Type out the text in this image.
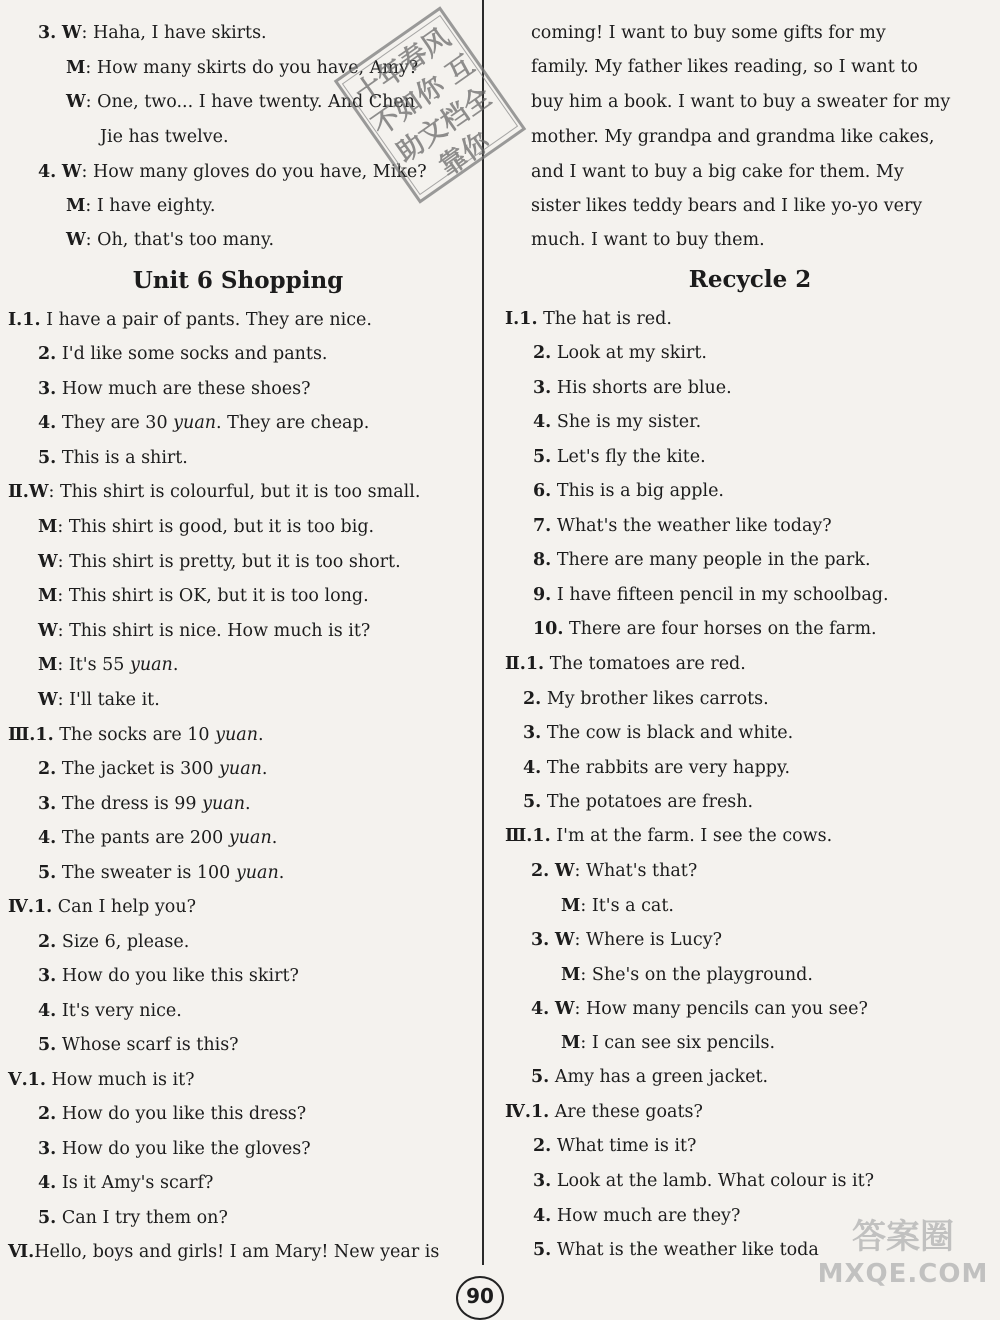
Unit 6 Shopping
3. W: Haha, I have skirts.
M: How many skirts do you have, Amy?
W: One, two... I have twenty. And Chen
Jie has twelve.
4. W: How many gloves do you have, Mike?
M: I have eighty.
W: Oh, that's too many.
Ⅰ.1. I have a pair of pants. They are nice.
2. I'd like some socks and pants.
3. How much are these shoes?
4. They are 30 yuan. They are cheap.
5. This is a shirt.
Ⅱ.W: This shirt is colourful, but it is too small.
M: This shirt is good, but it is too big.
W: This shirt is pretty, but it is too short.
M: This shirt is OK, but it is too long.
W: This shirt is nice. How much is it?
M: It's 55 yuan.
W: I'll take it.
Ⅲ.1. The socks are 10 yuan.
2. The jacket is 300 yuan.
3. The dress is 99 yuan.
4. The pants are 200 yuan.
5. The sweater is 100 yuan.
Ⅳ.1. Can I help you?
2. Size 6, please.
3. How do you like this skirt?
4. It's very nice.
5. Whose scarf is this?
Ⅴ.1. How much is it?
2. How do you like this dress?
3. How do you like the gloves?
4. Is it Amy's scarf?
5. Can I try them on?
Ⅵ.Hello, boys and girls! I am Mary! New year is
Recycle 2
coming! I want to buy some gifts for my
family. My father likes reading, so I want to
buy him a book. I want to buy a sweater for my
mother. My grandpa and grandma like cakes,
and I want to buy a big cake for them. My
sister likes teddy bears and I like yo-yo very
much. I want to buy them.
Ⅰ.1. The hat is red.
2. Look at my skirt.
3. His shorts are blue.
4. She is my sister.
5. Let's fly the kite.
6. This is a big apple.
7. What's the weather like today?
8. There are many people in the park.
9. I have fifteen pencil in my schoolbag.
10. There are four horses on the farm.
Ⅱ.1. The tomatoes are red.
2. My brother likes carrots.
3. The cow is black and white.
4. The rabbits are very happy.
5. The potatoes are fresh.
Ⅲ.1. I'm at the farm. I see the cows.
2. W: What's that?
M: It's a cat.
3. W: Where is Lucy?
M: She's on the playground.
4. W: How many pencils can you see?
M: I can see six pencils.
5. Amy has a green jacket.
Ⅳ.1. Are these goats?
2. What time is it?
3. Look at the lamb. What colour is it?
4. How much are they?
5. What is the weather like toda
十年春风不如你 互助文档全靠你
90
答案圈
MXQE.COM
